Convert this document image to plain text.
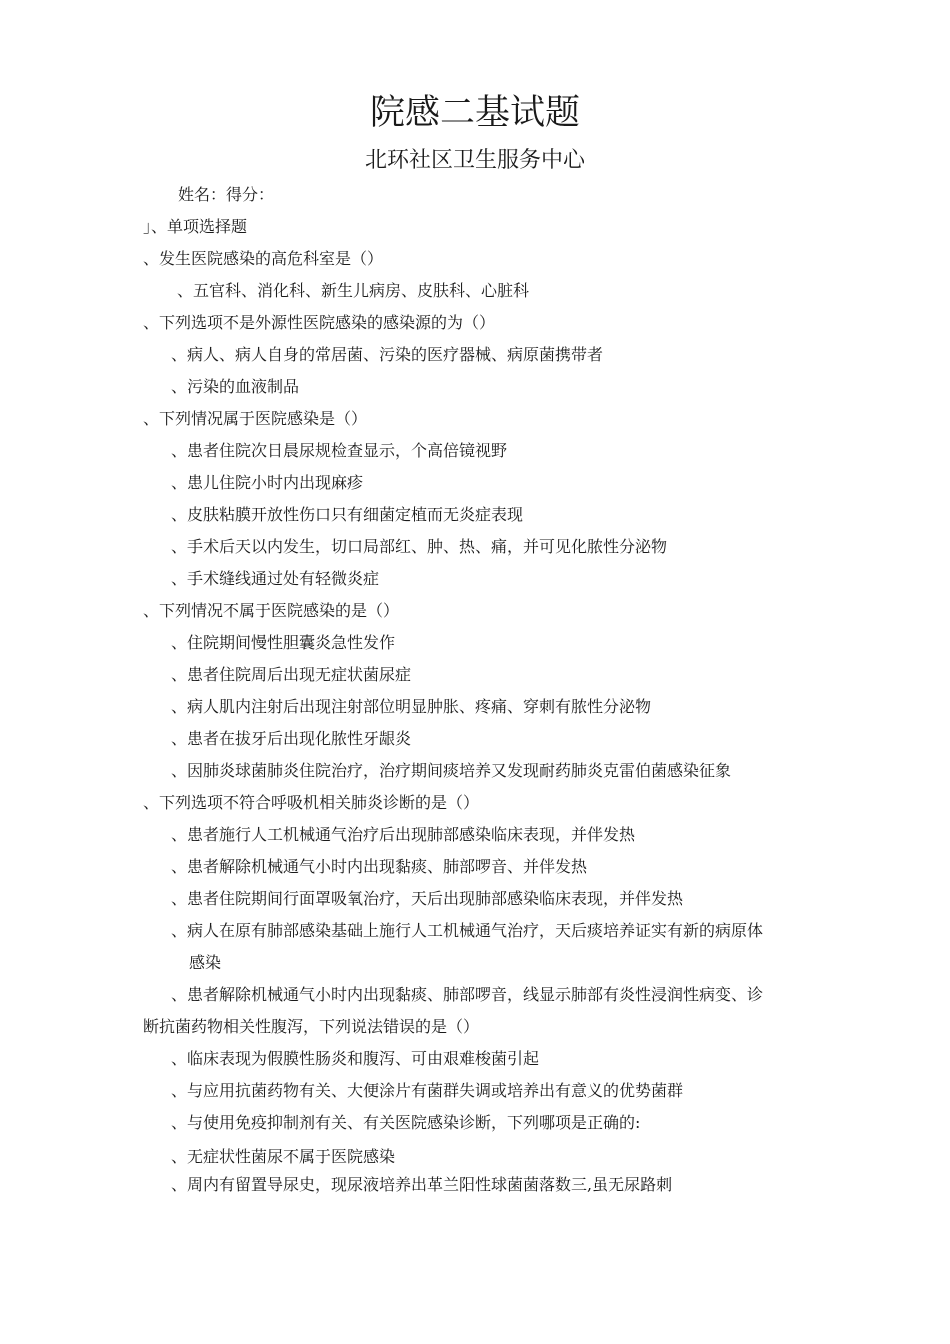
院感二基试题
北环社区卫生服务中心
姓名：得分：
」、单项选择题
、发生医院感染的高危科室是（）
、五官科、消化科、新生儿病房、皮肤科、心脏科
、下列选项不是外源性医院感染的感染源的为（）
、病人、病人自身的常居菌、污染的医疗器械、病原菌携带者
、污染的血液制品
、下列情况属于医院感染是（）
、患者住院次日晨尿规检查显示，个高倍镜视野
、患儿住院小时内出现麻疹
、皮肤粘膜开放性伤口只有细菌定植而无炎症表现
、手术后天以内发生，切口局部红、肿、热、痛，并可见化脓性分泌物
、手术缝线通过处有轻微炎症
、下列情况不属于医院感染的是（）
、住院期间慢性胆囊炎急性发作
、患者住院周后出现无症状菌尿症
、病人肌内注射后出现注射部位明显肿胀、疼痛、穿刺有脓性分泌物
、患者在拔牙后出现化脓性牙龈炎
、因肺炎球菌肺炎住院治疗，治疗期间痰培养又发现耐药肺炎克雷伯菌感染征象
、下列选项不符合呼吸机相关肺炎诊断的是（）
、患者施行人工机械通气治疗后出现肺部感染临床表现，并伴发热
、患者解除机械通气小时内出现黏痰、肺部啰音、并伴发热
、患者住院期间行面罩吸氧治疗，天后出现肺部感染临床表现，并伴发热
、病人在原有肺部感染基础上施行人工机械通气治疗，天后痰培养证实有新的病原体
感染
、患者解除机械通气小时内出现黏痰、肺部啰音，线显示肺部有炎性浸润性病变、诊
断抗菌药物相关性腹泻，下列说法错误的是（）
、临床表现为假膜性肠炎和腹泻、可由艰难梭菌引起
、与应用抗菌药物有关、大便涂片有菌群失调或培养出有意义的优势菌群
、与使用免疫抑制剂有关、有关医院感染诊断，下列哪项是正确的:
、无症状性菌尿不属于医院感染
、周内有留置导尿史，现尿液培养出革兰阳性球菌菌落数三,虽无尿路刺
